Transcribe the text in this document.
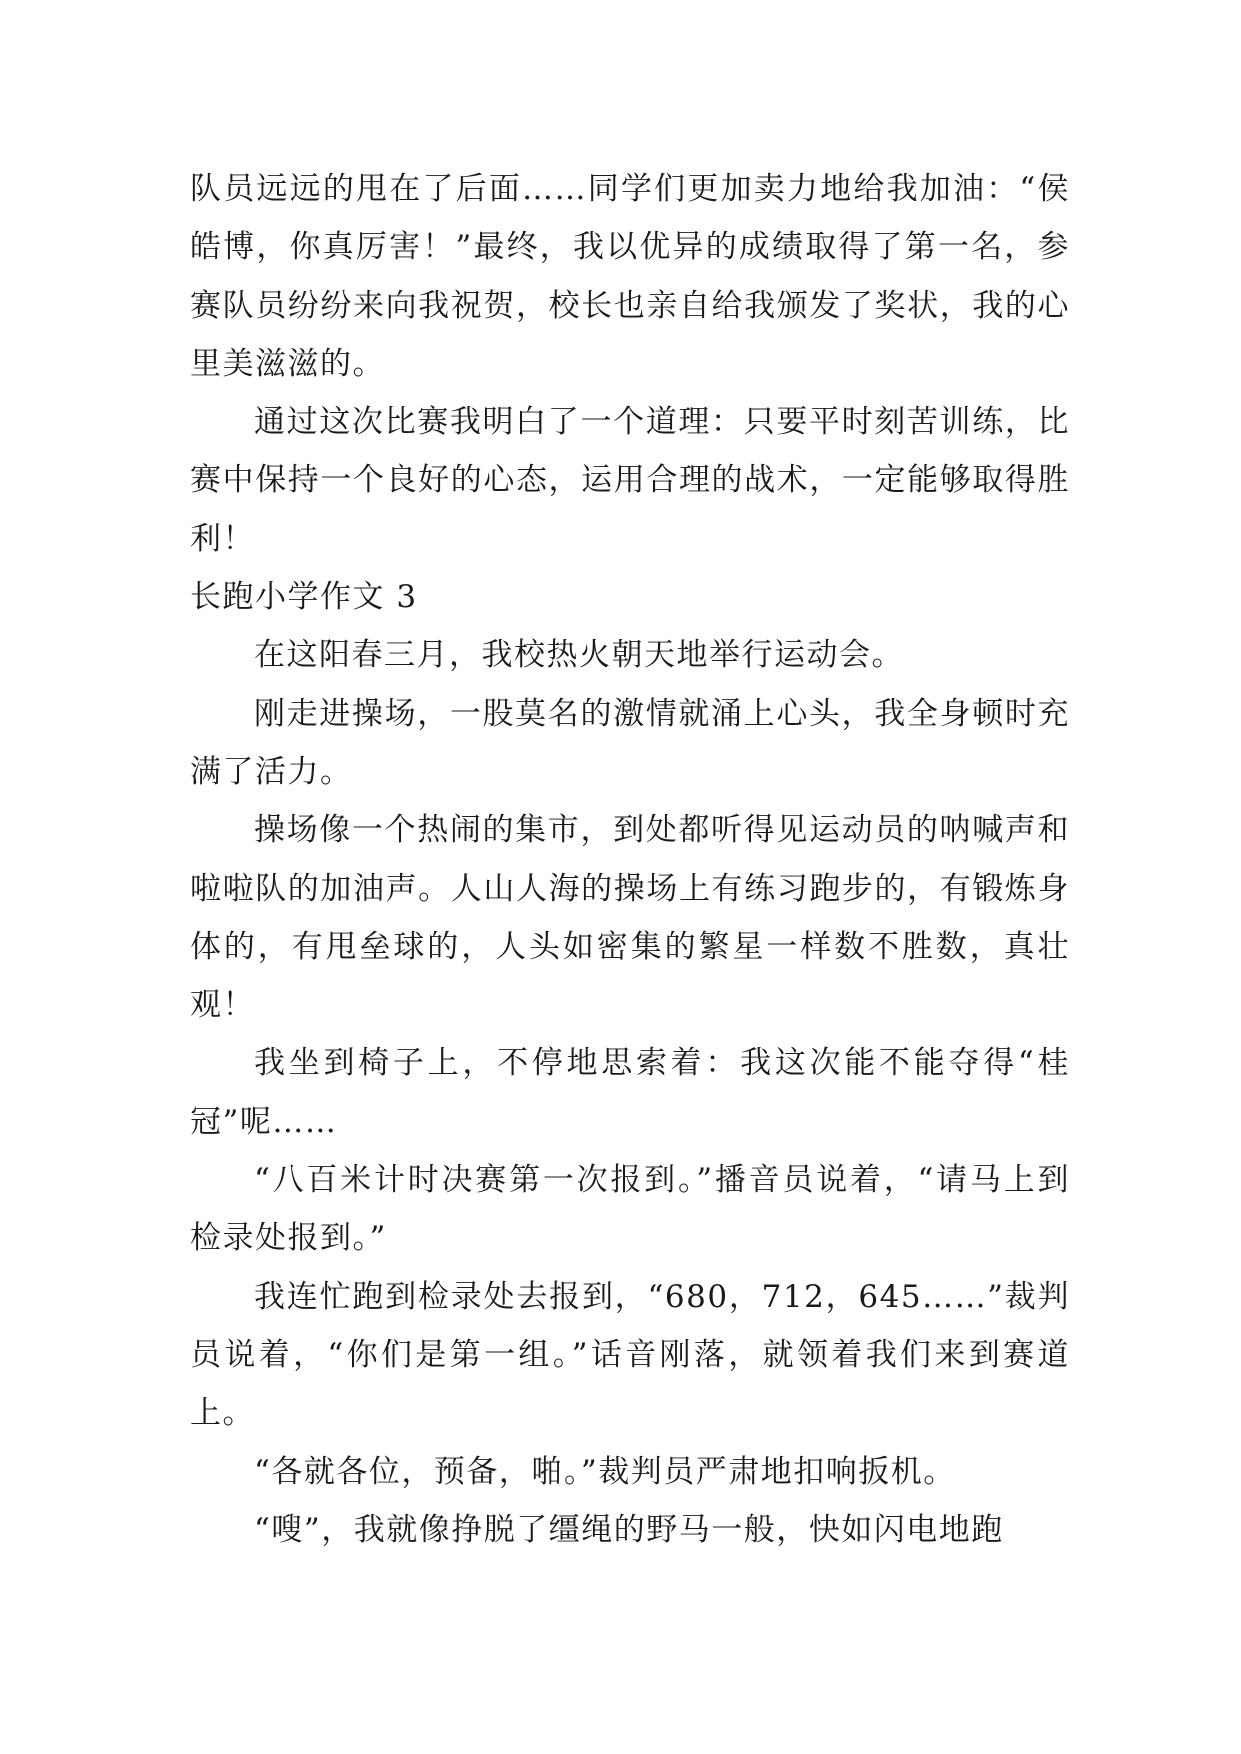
队员远远的甩在了后面……同学们更加卖力地给我加油：“侯皓博，你真厉害！”最终，我以优异的成绩取得了第一名，参赛队员纷纷来向我祝贺，校长也亲自给我颁发了奖状，我的心里美滋滋的。

通过这次比赛我明白了一个道理：只要平时刻苦训练，比赛中保持一个良好的心态，运用合理的战术，一定能够取得胜利！

长跑小学作文 3

在这阳春三月，我校热火朝天地举行运动会。

刚走进操场，一股莫名的激情就涌上心头，我全身顿时充满了活力。

操场像一个热闹的集市，到处都听得见运动员的呐喊声和啦啦队的加油声。人山人海的操场上有练习跑步的，有锻炼身体的，有甩垒球的，人头如密集的繁星一样数不胜数，真壮观！

我坐到椅子上，不停地思索着：我这次能不能夺得“桂冠”呢……

“八百米计时决赛第一次报到。”播音员说着，“请马上到检录处报到。”

我连忙跑到检录处去报到，“680，712，645……”裁判员说着，“你们是第一组。”话音刚落，就领着我们来到赛道上。

“各就各位，预备，啪。”裁判员严肃地扣响扳机。

“嗖”，我就像挣脱了缰绳的野马一般，快如闪电地跑
